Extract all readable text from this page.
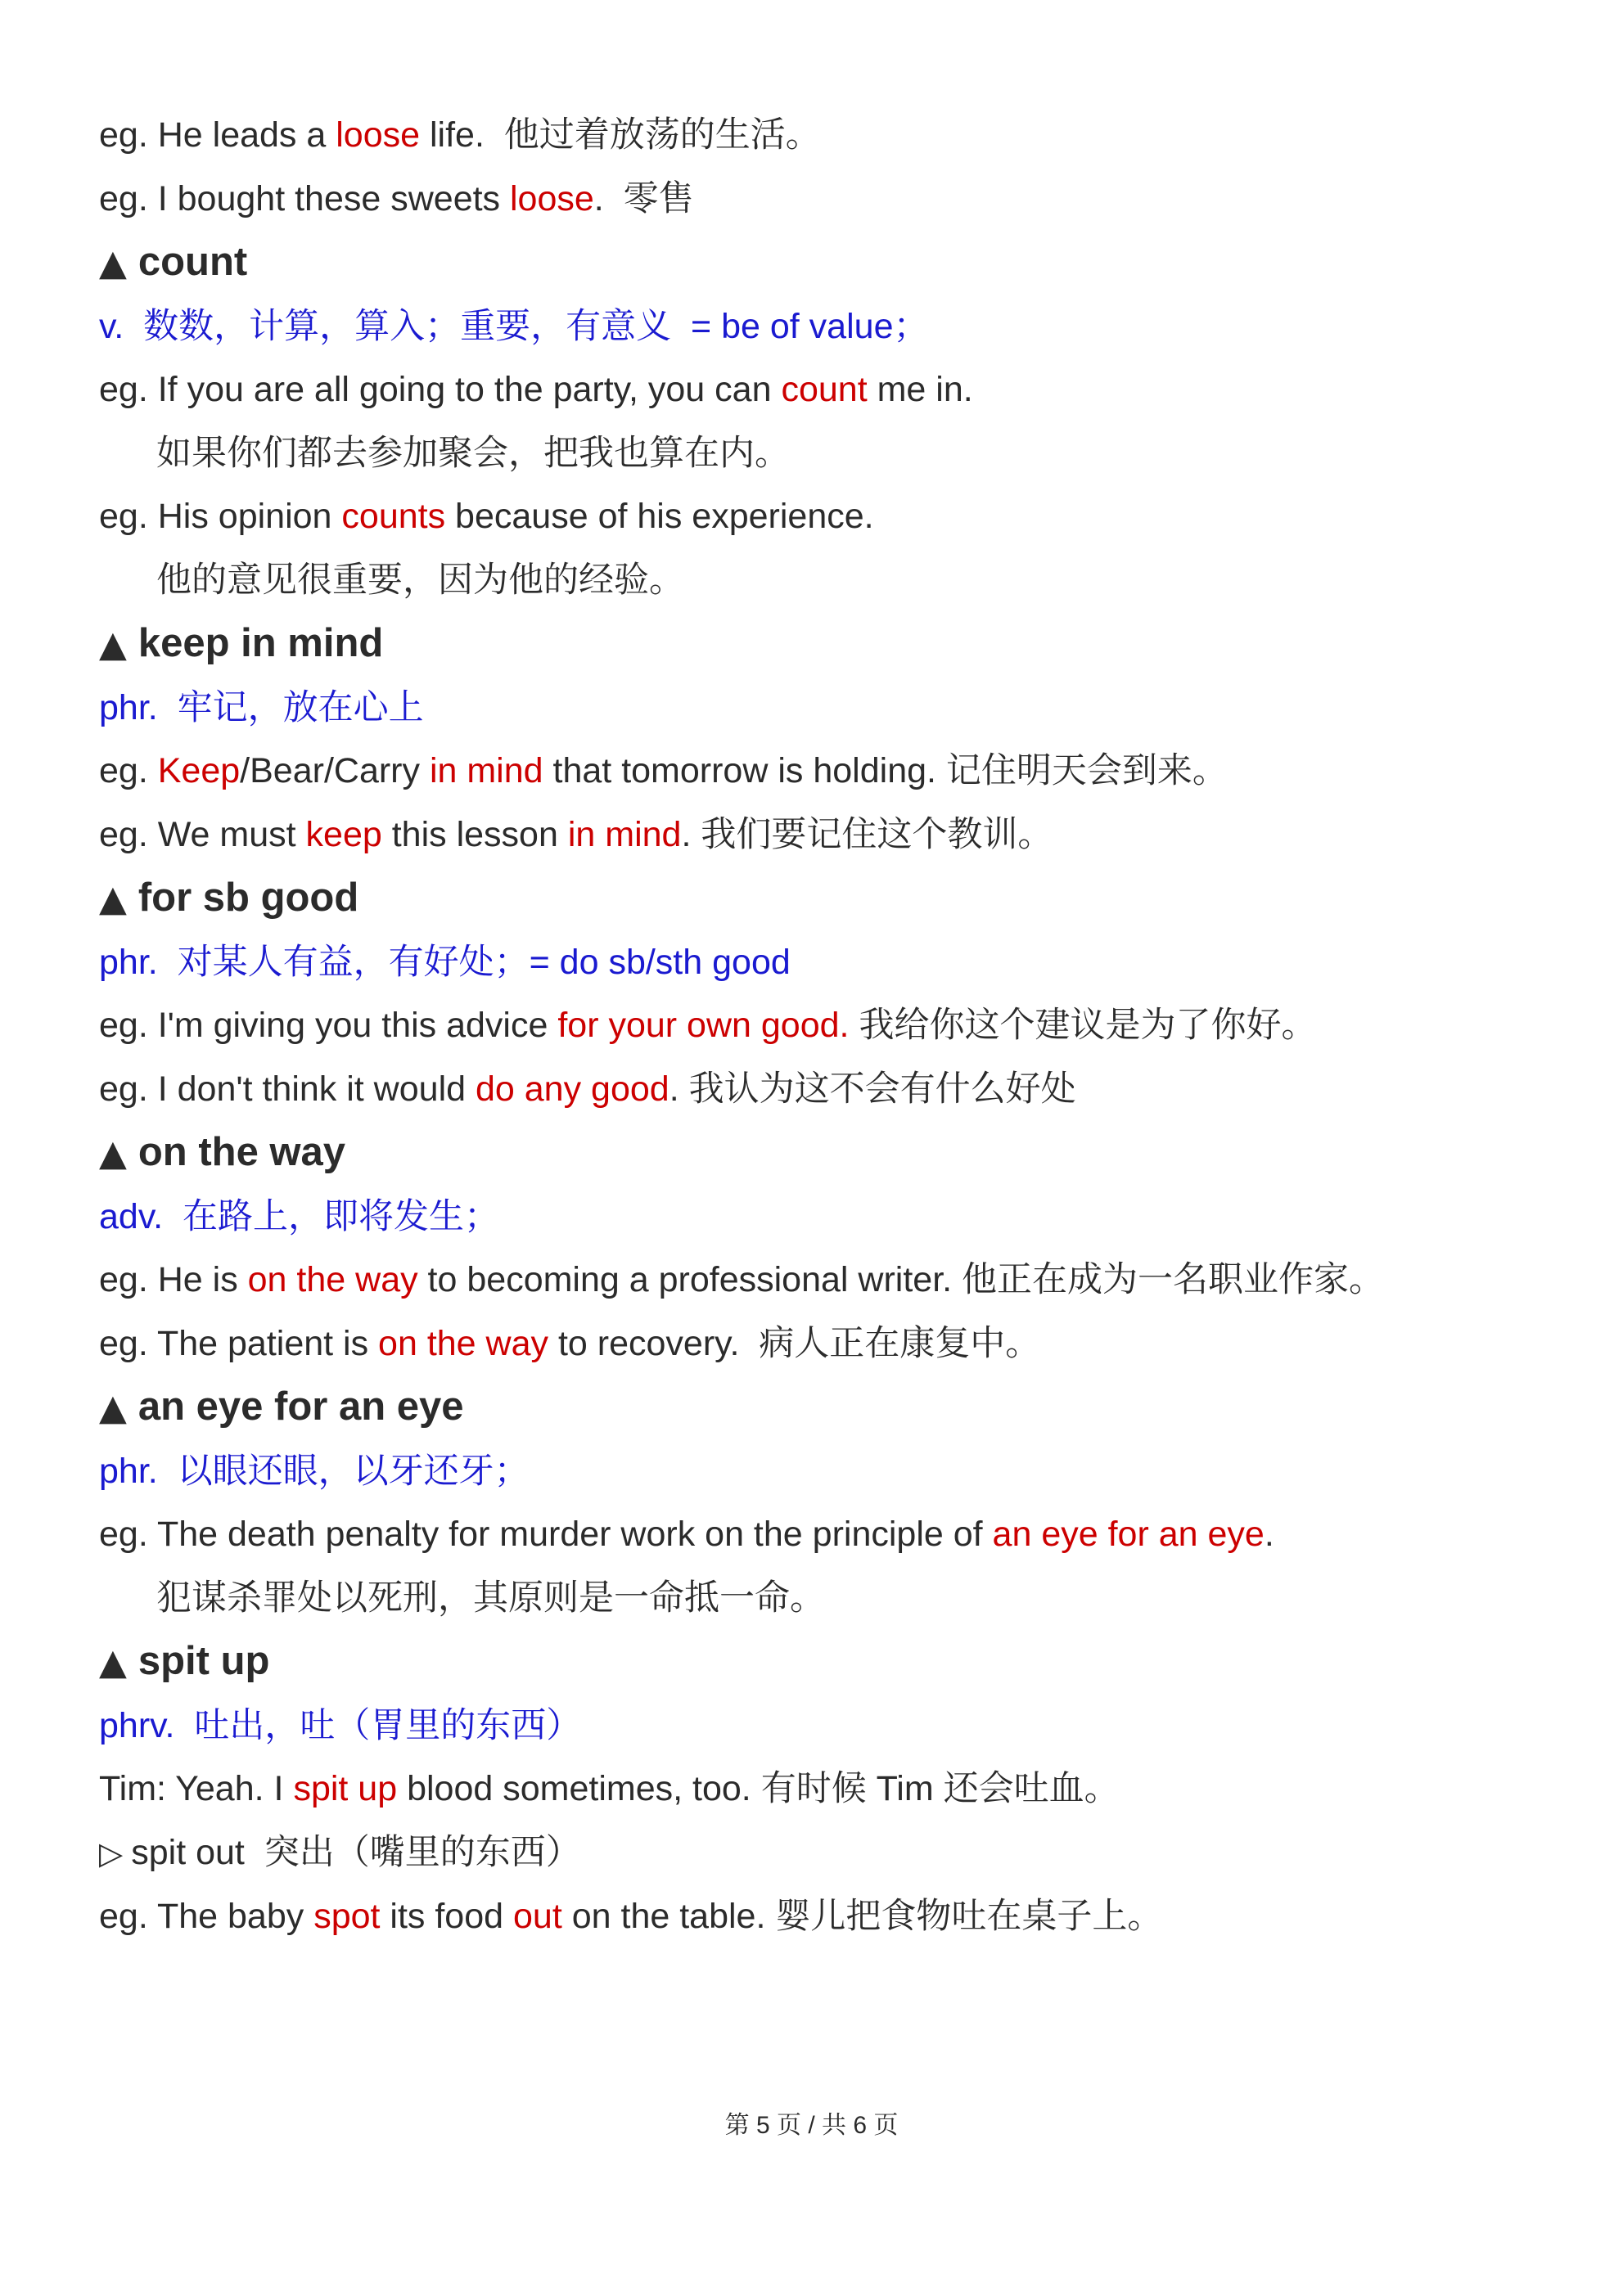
eg. He leads a loose life.  他过着放荡的生活。
eg. I bought these sweets loose.  零售
▲ count
v.  数数，计算，算入；重要，有意义  = be of value；
eg. If you are all going to the party, you can count me in.
如果你们都去参加聚会，把我也算在内。
eg. His opinion counts because of his experience.
他的意见很重要，因为他的经验。
▲ keep in mind
phr.  牢记，放在心上
eg. Keep/Bear/Carry in mind that tomorrow is holding. 记住明天会到来。
eg. We must keep this lesson in mind. 我们要记住这个教训。
▲ for sb good
phr.  对某人有益，有好处；= do sb/sth good
eg. I'm giving you this advice for your own good. 我给你这个建议是为了你好。
eg. I don't think it would do any good. 我认为这不会有什么好处
▲ on the way
adv.  在路上，即将发生；
eg. He is on the way to becoming a professional writer. 他正在成为一名职业作家。
eg. The patient is on the way to recovery.  病人正在康复中。
▲ an eye for an eye
phr.  以眼还眼，以牙还牙；
eg. The death penalty for murder work on the principle of an eye for an eye.
犯谋杀罪处以死刑，其原则是一命抵一命。
▲ spit up
phrv.  吐出，吐（胃里的东西）
Tim: Yeah. I spit up blood sometimes, too. 有时候 Tim 还会吐血。
▷ spit out  突出（嘴里的东西）
eg. The baby spot its food out on the table. 婴儿把食物吐在桌子上。
第 5 页 / 共 6 页
